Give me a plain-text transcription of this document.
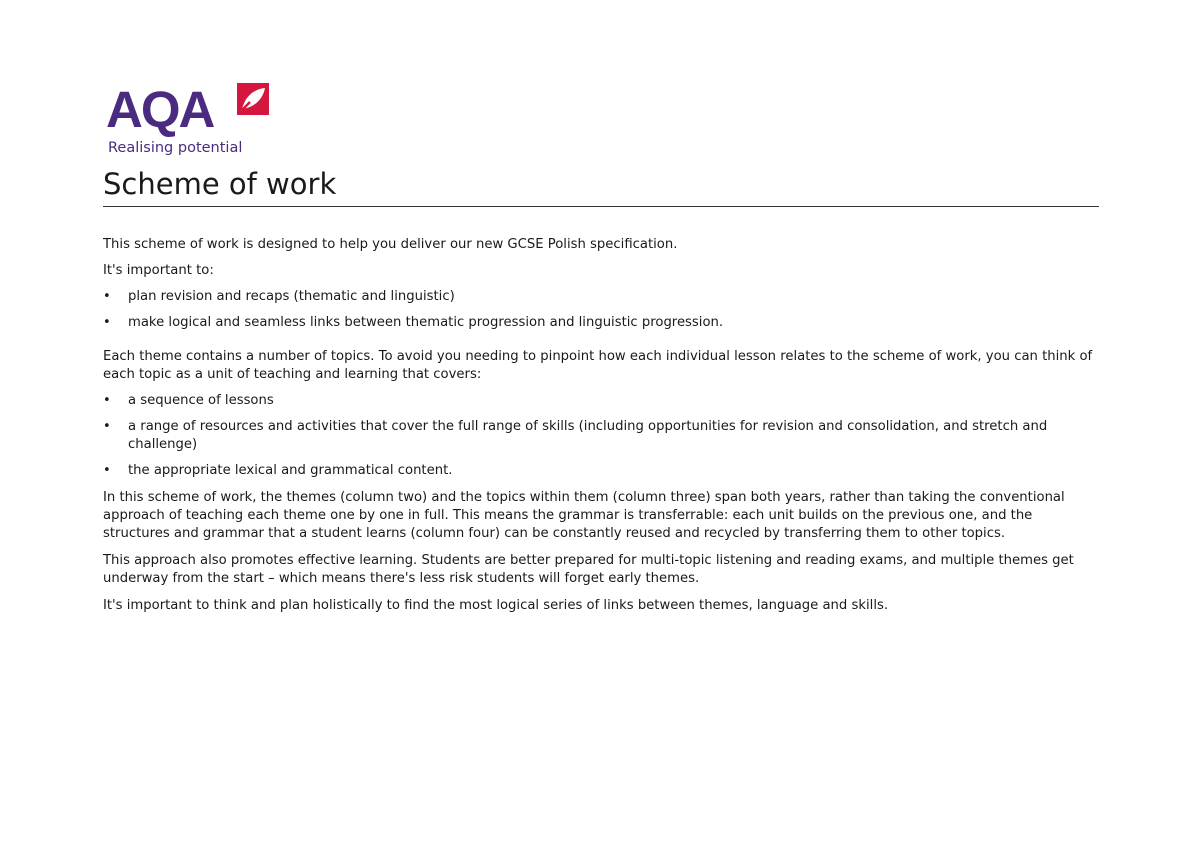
AQA
Realising potential
Scheme of work

This scheme of work is designed to help you deliver our new GCSE Polish specification.

It's important to:

• plan revision and recaps (thematic and linguistic)
• make logical and seamless links between thematic progression and linguistic progression.

Each theme contains a number of topics. To avoid you needing to pinpoint how each individual lesson relates to the scheme of work, you can think of each topic as a unit of teaching and learning that covers:

• a sequence of lessons
• a range of resources and activities that cover the full range of skills (including opportunities for revision and consolidation, and stretch and challenge)
• the appropriate lexical and grammatical content.

In this scheme of work, the themes (column two) and the topics within them (column three) span both years, rather than taking the conventional approach of teaching each theme one by one in full. This means the grammar is transferrable: each unit builds on the previous one, and the structures and grammar that a student learns (column four) can be constantly reused and recycled by transferring them to other topics.

This approach also promotes effective learning. Students are better prepared for multi-topic listening and reading exams, and multiple themes get underway from the start – which means there's less risk students will forget early themes.

It's important to think and plan holistically to find the most logical series of links between themes, language and skills.
